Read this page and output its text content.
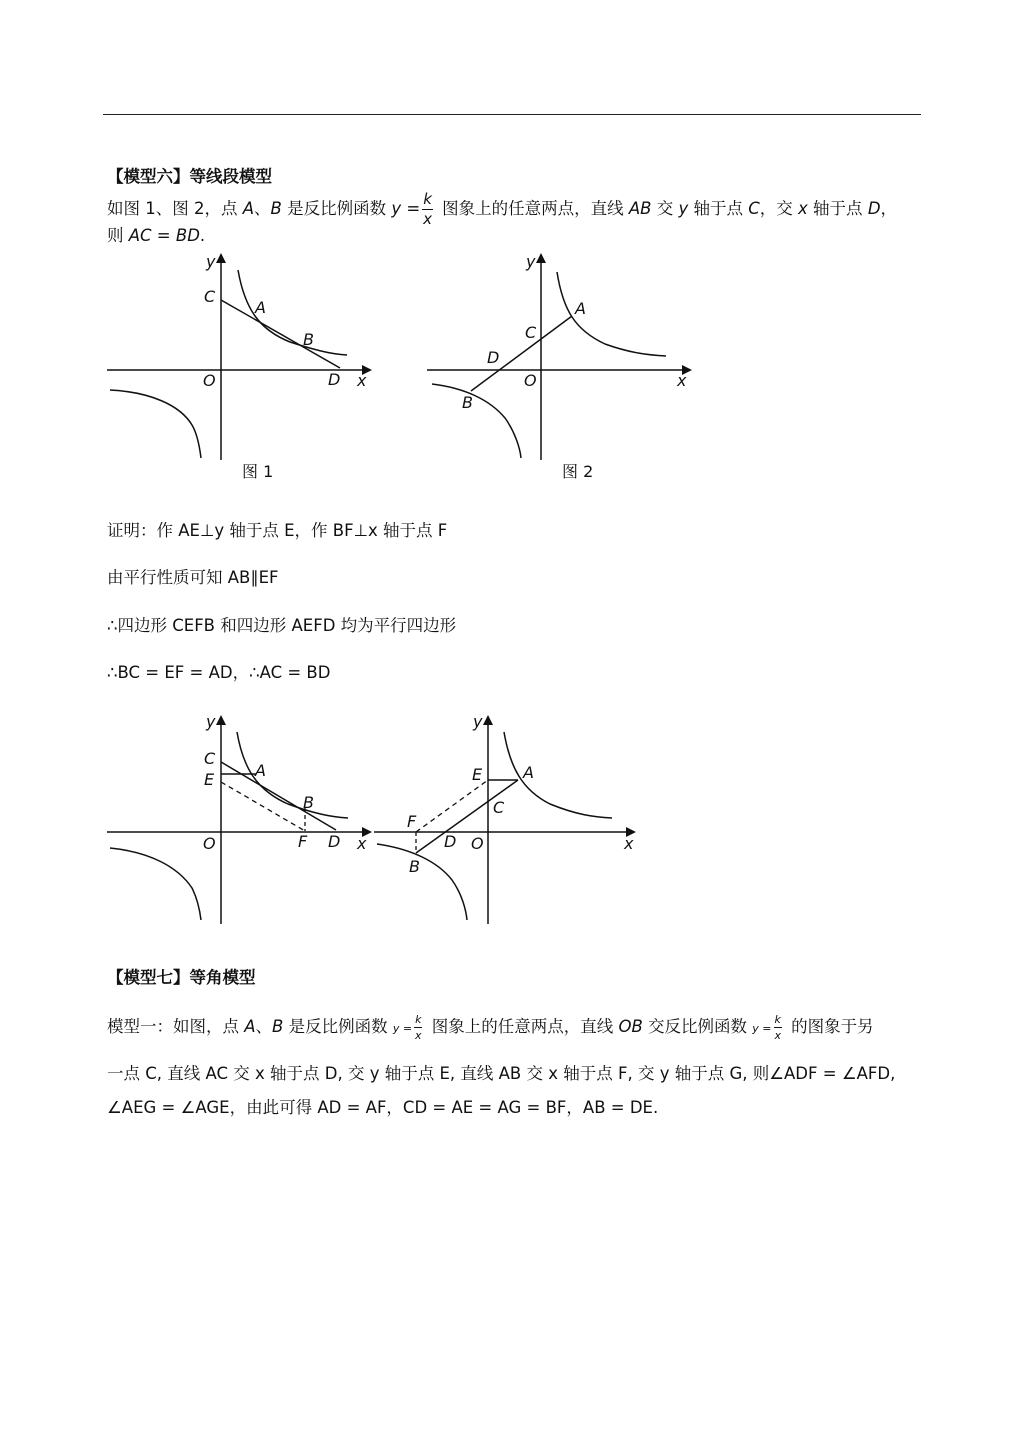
【模型六】等线段模型
如图 1、图 2，点 A、B 是反比例函数 $y = \frac{k}{x}$ 图象上的任意两点，直线 AB 交 y 轴于点 C，交 x 轴于点 D，
则 AC = BD.
y
C
A
B
O	D x
图 1
y
A
C
D
O	x
B
图 2
证明：作 AE⊥y 轴于点 E，作 BF⊥x 轴于点 F
由平行性质可知 AB∥EF
∴四边形 CEFB 和四边形 AEFD 均为平行四边形
∴BC = EF = AD，∴AC = BD
y
C
E	A
B
O	F D x
y
E	A
C
F
D O	x
B
【模型七】等角模型
模型一：如图，点 A、B 是反比例函数 $y = \frac{k}{x}$ 图象上的任意两点，直线 OB 交反比例函数 $y = \frac{k}{x}$ 的图象于另
一点 C, 直线 AC 交 x 轴于点 D, 交 y 轴于点 E, 直线 AB 交 x 轴于点 F, 交 y 轴于点 G, 则∠ADF = ∠AFD,
∠AEG = ∠AGE，由此可得 AD = AF，CD = AE = AG = BF，AB = DE.
